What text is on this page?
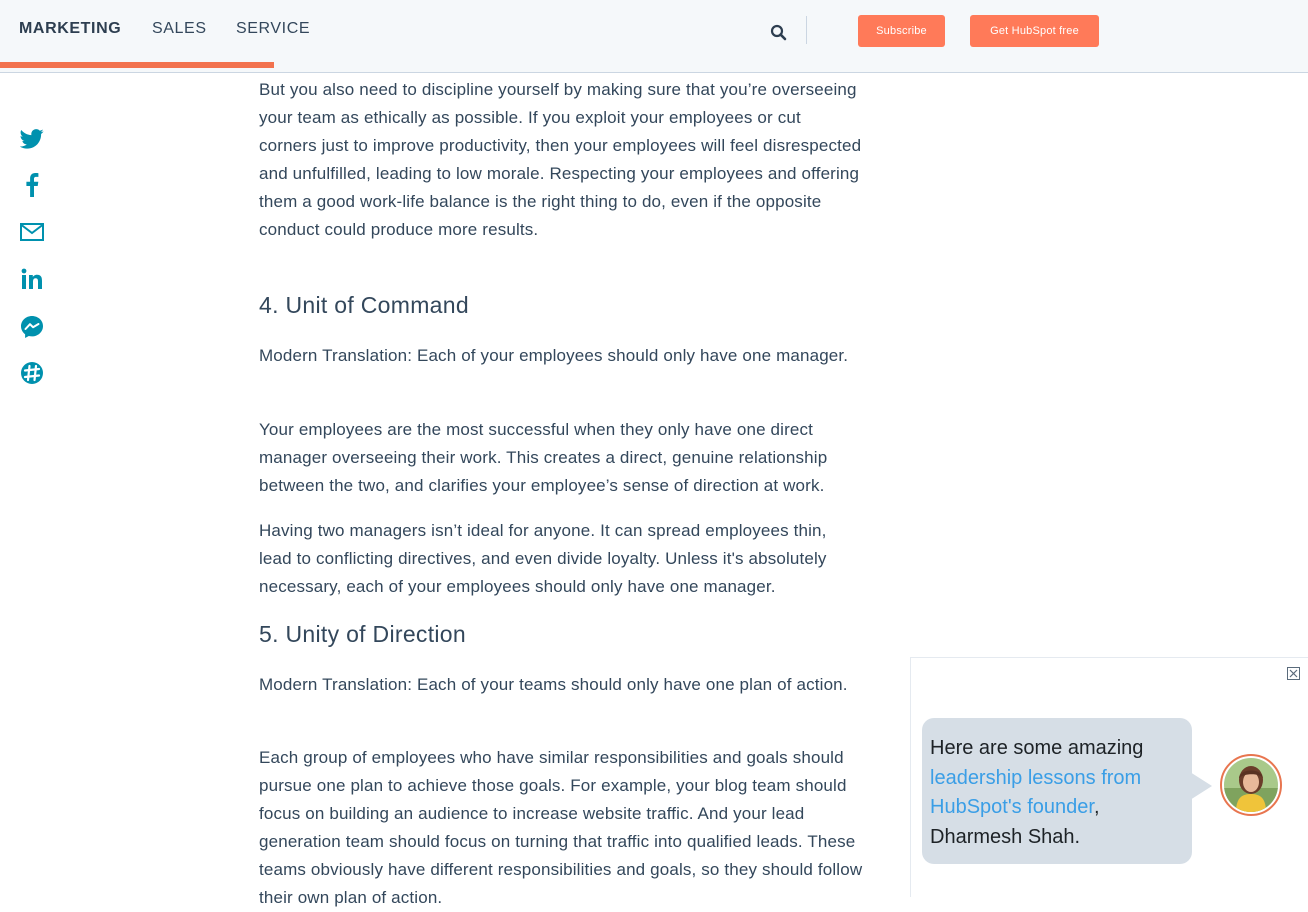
MARKETING SALES SERVICE	Subscribe	Get HubSpot free

But you also need to discipline yourself by making sure that you’re overseeing your team as ethically as possible. If you exploit your employees or cut corners just to improve productivity, then your employees will feel disrespected and unfulfilled, leading to low morale. Respecting your employees and offering them a good work-life balance is the right thing to do, even if the opposite conduct could produce more results.

4. Unit of Command

Modern Translation: Each of your employees should only have one manager.

Your employees are the most successful when they only have one direct manager overseeing their work. This creates a direct, genuine relationship between the two, and clarifies your employee’s sense of direction at work.

Having two managers isn’t ideal for anyone. It can spread employees thin, lead to conflicting directives, and even divide loyalty. Unless it's absolutely necessary, each of your employees should only have one manager.

5. Unity of Direction

Modern Translation: Each of your teams should only have one plan of action.

Each group of employees who have similar responsibilities and goals should pursue one plan to achieve those goals. For example, your blog team should focus on building an audience to increase website traffic. And your lead generation team should focus on turning that traffic into qualified leads. These teams obviously have different responsibilities and goals, so they should follow their own plan of action.

Here are some amazing leadership lessons from HubSpot's founder, Dharmesh Shah.
